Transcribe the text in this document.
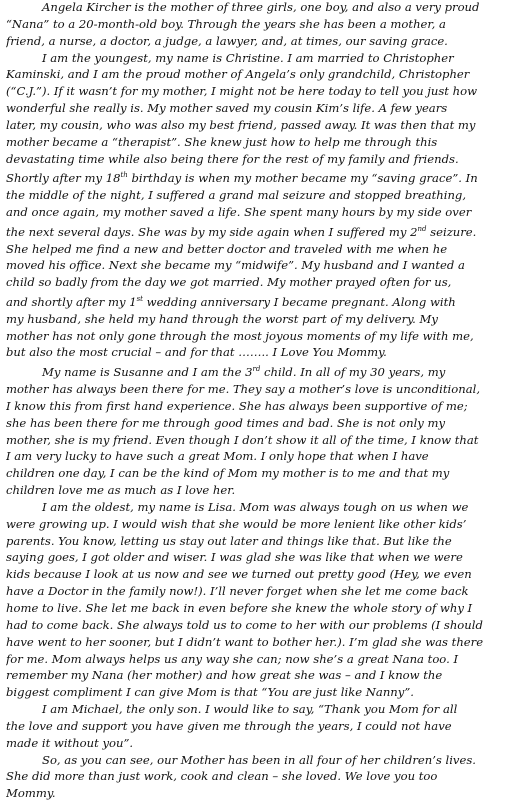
Angela Kircher is the mother of three girls, one boy, and also a very proud
“Nana” to a 20-month-old boy. Through the years she has been a mother, a
friend, a nurse, a doctor, a judge, a lawyer, and, at times, our saving grace.
I am the youngest, my name is Christine. I am married to Christopher
Kaminski, and I am the proud mother of Angela’s only grandchild, Christopher
(“C.J.”). If it wasn’t for my mother, I might not be here today to tell you just how
wonderful she really is. My mother saved my cousin Kim’s life. A few years
later, my cousin, who was also my best friend, passed away. It was then that my
mother became a “therapist”. She knew just how to help me through this
devastating time while also being there for the rest of my family and friends.
Shortly after my 18th birthday is when my mother became my “saving grace”. In
the middle of the night, I suffered a grand mal seizure and stopped breathing,
and once again, my mother saved a life. She spent many hours by my side over
the next several days. She was by my side again when I suffered my 2nd seizure.
She helped me find a new and better doctor and traveled with me when he
moved his office. Next she became my “midwife”. My husband and I wanted a
child so badly from the day we got married. My mother prayed often for us,
and shortly after my 1st wedding anniversary I became pregnant. Along with
my husband, she held my hand through the worst part of my delivery. My
mother has not only gone through the most joyous moments of my life with me,
but also the most crucial – and for that …….. I Love You Mommy.
My name is Susanne and I am the 3rd child. In all of my 30 years, my
mother has always been there for me. They say a mother’s love is unconditional,
I know this from first hand experience. She has always been supportive of me;
she has been there for me through good times and bad. She is not only my
mother, she is my friend. Even though I don’t show it all of the time, I know that
I am very lucky to have such a great Mom. I only hope that when I have
children one day, I can be the kind of Mom my mother is to me and that my
children love me as much as I love her.
I am the oldest, my name is Lisa. Mom was always tough on us when we
were growing up. I would wish that she would be more lenient like other kids’
parents. You know, letting us stay out later and things like that. But like the
saying goes, I got older and wiser. I was glad she was like that when we were
kids because I look at us now and see we turned out pretty good (Hey, we even
have a Doctor in the family now!). I’ll never forget when she let me come back
home to live. She let me back in even before she knew the whole story of why I
had to come back. She always told us to come to her with our problems (I should
have went to her sooner, but I didn’t want to bother her.). I’m glad she was there
for me. Mom always helps us any way she can; now she’s a great Nana too. I
remember my Nana (her mother) and how great she was – and I know the
biggest compliment I can give Mom is that “You are just like Nanny”.
I am Michael, the only son. I would like to say, “Thank you Mom for all
the love and support you have given me through the years, I could not have
made it without you”.
So, as you can see, our Mother has been in all four of her children’s lives.
She did more than just work, cook and clean – she loved. We love you too
Mommy.
